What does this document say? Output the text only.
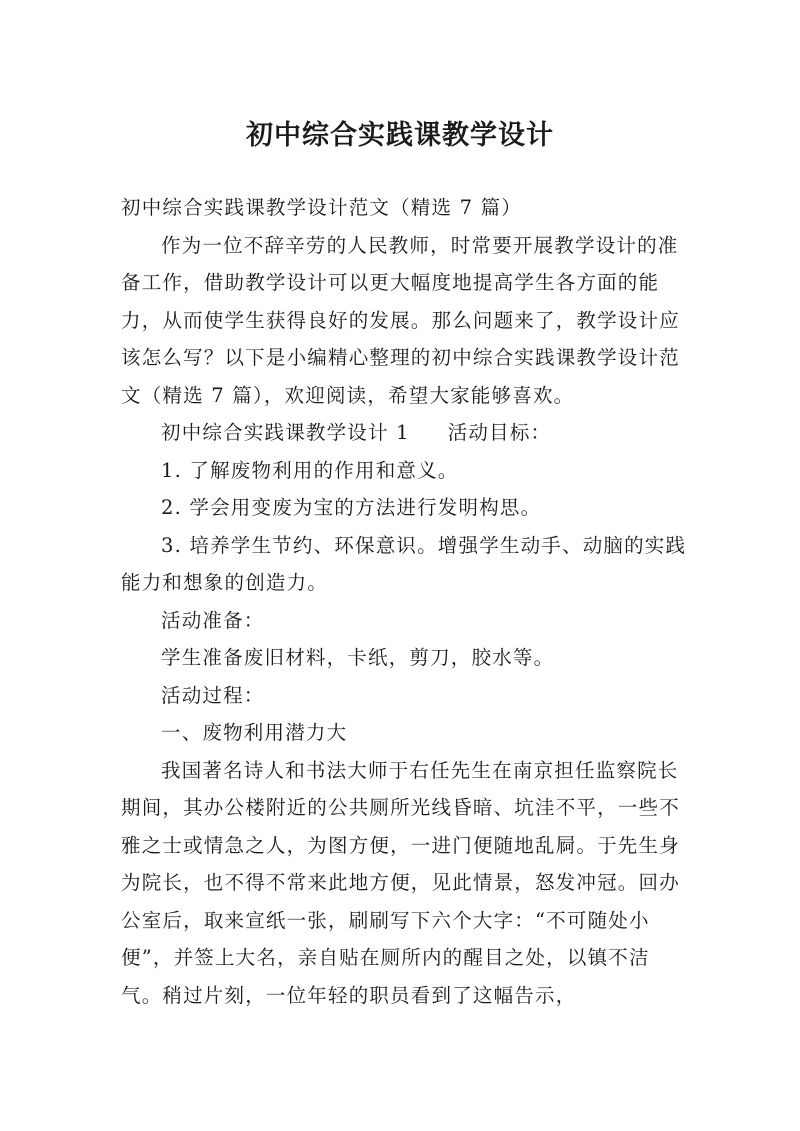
初中综合实践课教学设计

初中综合实践课教学设计范文（精选 7 篇）

作为一位不辞辛劳的人民教师，时常要开展教学设计的准备工作，借助教学设计可以更大幅度地提高学生各方面的能力，从而使学生获得良好的发展。那么问题来了，教学设计应该怎么写？以下是小编精心整理的初中综合实践课教学设计范文（精选 7 篇），欢迎阅读，希望大家能够喜欢。

初中综合实践课教学设计 1 活动目标：

1. 了解废物利用的作用和意义。

2. 学会用变废为宝的方法进行发明构思。

3. 培养学生节约、环保意识。增强学生动手、动脑的实践能力和想象的创造力。

活动准备：

学生准备废旧材料，卡纸，剪刀，胶水等。

活动过程：

一、废物利用潜力大

我国著名诗人和书法大师于右任先生在南京担任监察院长期间，其办公楼附近的公共厕所光线昏暗、坑洼不平，一些不雅之士或情急之人，为图方便，一进门便随地乱屙。于先生身为院长，也不得不常来此地方便，见此情景，怒发冲冠。回办公室后，取来宣纸一张，刷刷写下六个大字：“不可随处小便”，并签上大名，亲自贴在厕所内的醒目之处，以镇不洁气。稍过片刻，一位年轻的职员看到了这幅告示，
